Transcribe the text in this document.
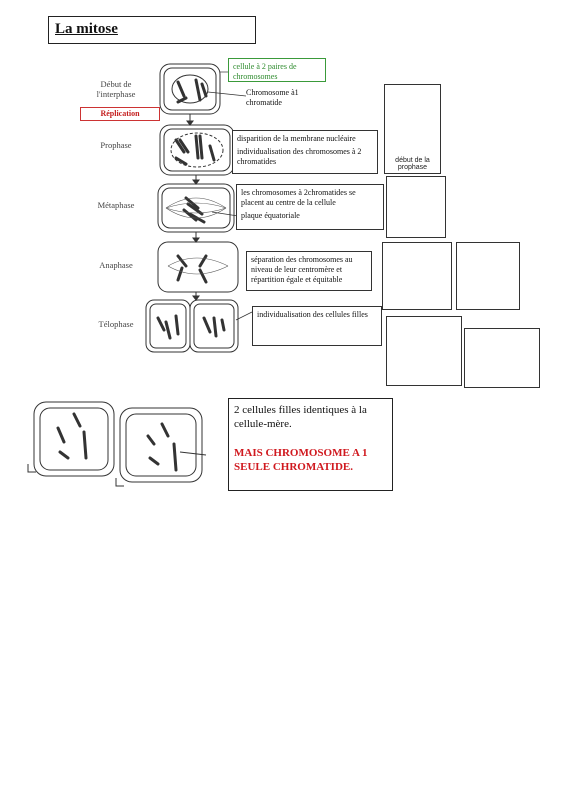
La mitose
Début de
l'interphase
Prophase
Métaphase
Anaphase
Télophase
Réplication
cellule à 2 paires de chromosomes
Chromosome à1 chromatide

disparition de la membrane nucléaire

individualisation des chromosomes à 2 chromatides

les chromosomes à 2chromatides se placent au centre de la cellule

plaque équatoriale

séparation des chromosomes au niveau de leur centromère et répartition égale et équitable
individualisation des cellules filles
début de la prophase
2 cellules filles identiques à la cellule-mère.
MAIS CHROMOSOME A 1 SEULE CHROMATIDE.
